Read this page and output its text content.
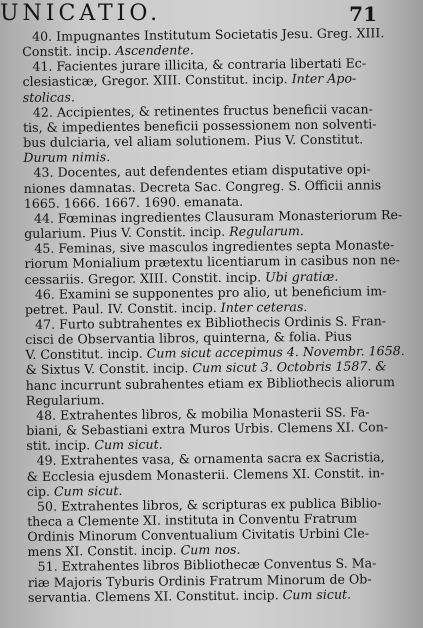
UNICATIO.	71
40. Impugnantes Institutum Societatis Jesu. Greg. XIII.
Constit. incip. Ascendente.
41. Facientes jurare illicita, & contraria libertati Ec-
clesiasticæ, Gregor. XIII. Constitut. incip. Inter Apo-
stolicas.
42. Accipientes, & retinentes fructus beneficii vacan-
tis, & impedientes beneficii possessionem non solventi-
bus dulciaria, vel aliam solutionem. Pius V. Constitut.
Durum nimis.
43. Docentes, aut defendentes etiam disputative opi-
niones damnatas. Decreta Sac. Congreg. S. Officii annis
1665. 1666. 1667. 1690. emanata.
44. Fœminas ingredientes Clausuram Monasteriorum Re-
gularium. Pius V. Constit. incip. Regularum.
45. Feminas, sive masculos ingredientes septa Monaste-
riorum Monialium prætextu licentiarum in casibus non ne-
cessariis. Gregor. XIII. Constit. incip. Ubi gratiæ.
46. Examini se supponentes pro alio, ut beneficium im-
petret. Paul. IV. Constit. incip. Inter ceteras.
47. Furto subtrahentes ex Bibliothecis Ordinis S. Fran-
cisci de Observantia libros, quinterna, & folia. Pius
V. Constitut. incip. Cum sicut accepimus 4. Novembr. 1658.
& Sixtus V. Constit. incip. Cum sicut 3. Octobris 1587. &
hanc incurrunt subrahentes etiam ex Bibliothecis aliorum
Regularium.
48. Extrahentes libros, & mobilia Monasterii SS. Fa-
biani, & Sebastiani extra Muros Urbis. Clemens XI. Con-
stit. incip. Cum sicut.
49. Extrahentes vasa, & ornamenta sacra ex Sacristia,
& Ecclesia ejusdem Monasterii. Clemens XI. Constit. in-
cip. Cum sicut.
50. Extrahentes libros, & scripturas ex publica Biblio-
theca a Clemente XI. instituta in Conventu Fratrum
Ordinis Minorum Conventualium Civitatis Urbini Cle-
mens XI. Constit. incip. Cum nos.
51. Extrahentes libros Bibliothecæ Conventus S. Ma-
riæ Majoris Tyburis Ordinis Fratrum Minorum de Ob-
servantia. Clemens XI. Constitut. incip. Cum sicut.
